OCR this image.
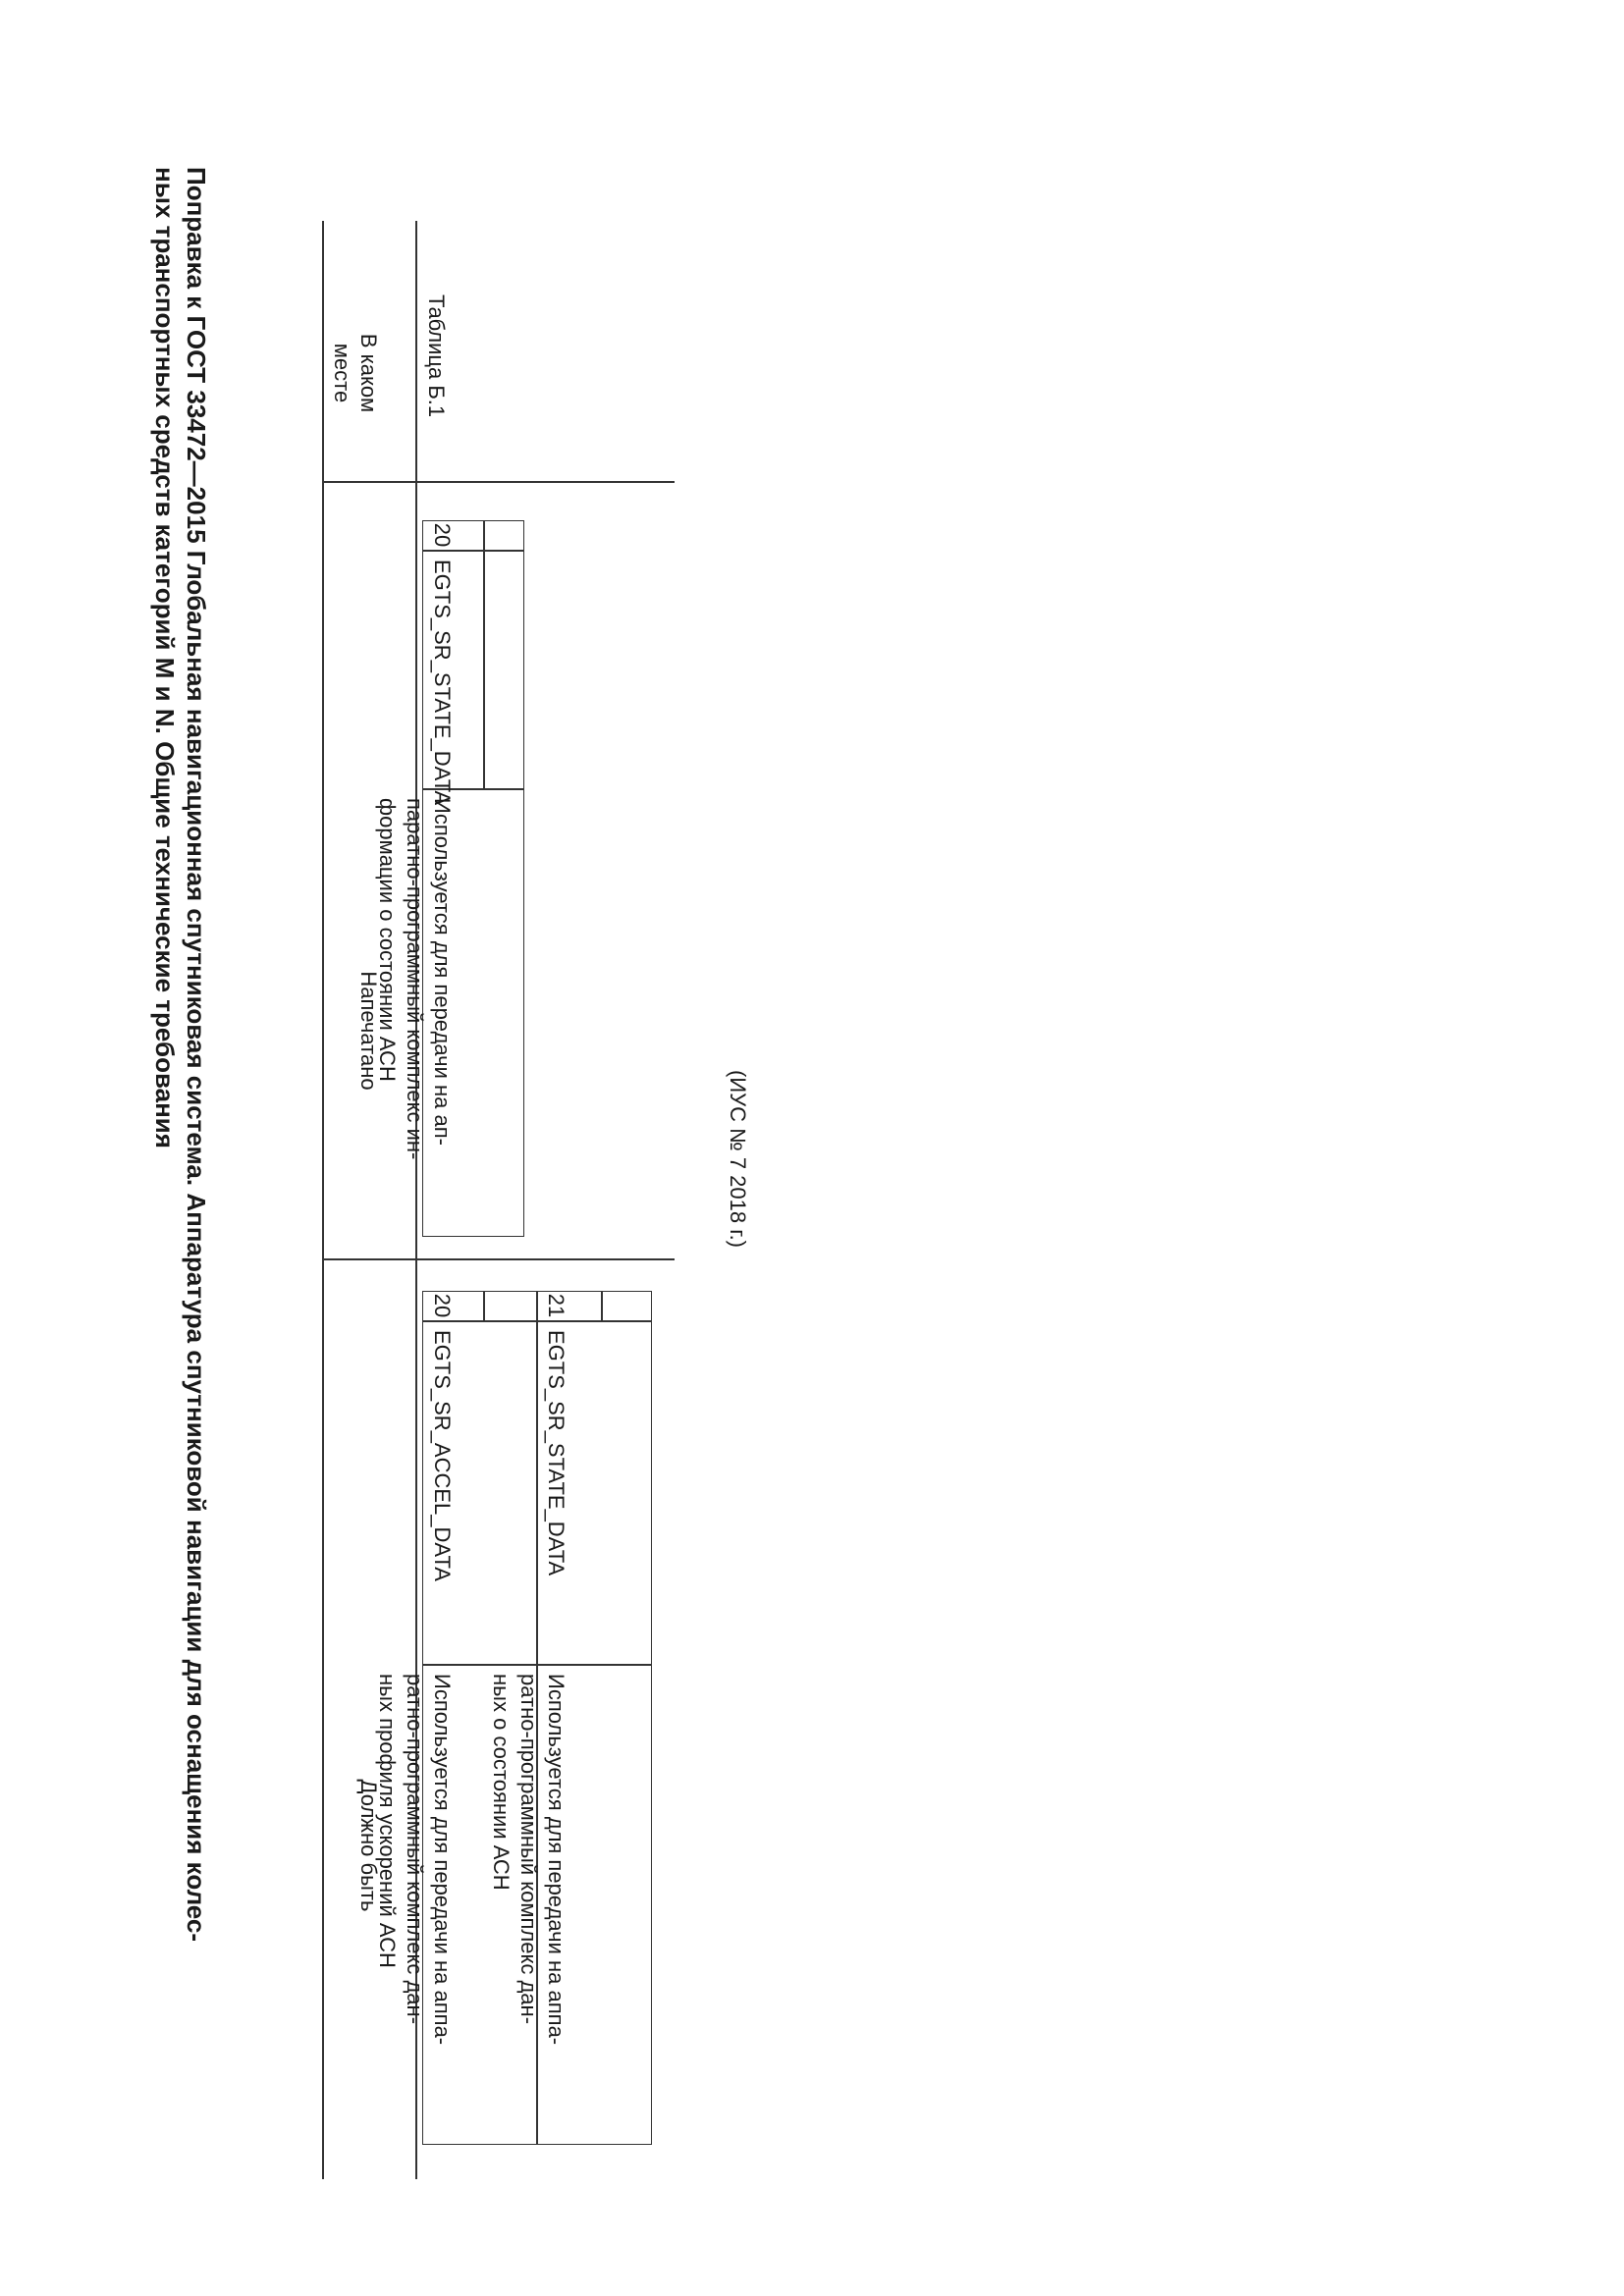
Поправка к ГОСТ 33472—2015 Глобальная навигационная спутниковая система. Аппаратура спутниковой навигации для оснащения колес-
ных транспортных средств категорий M и N. Общие технические требования	В каком
месте
Напечатано
Должно быть
Таблица Б.1
20
EGTS_SR_STATE_DATA
Используется для передачи на ап-
паратно-программный комплекс ин-
формации о состоянии АСН
20
EGTS_SR_ACCEL_DATA
Используется для передачи на аппа-
ратно-программный комплекс дан-
ных профиля ускорений АСН
21
EGTS_SR_STATE_DATA
Используется для передачи на аппа-
ратно-программный комплекс дан-
ных о состоянии АСН
(ИУС № 7 2018 г.)
